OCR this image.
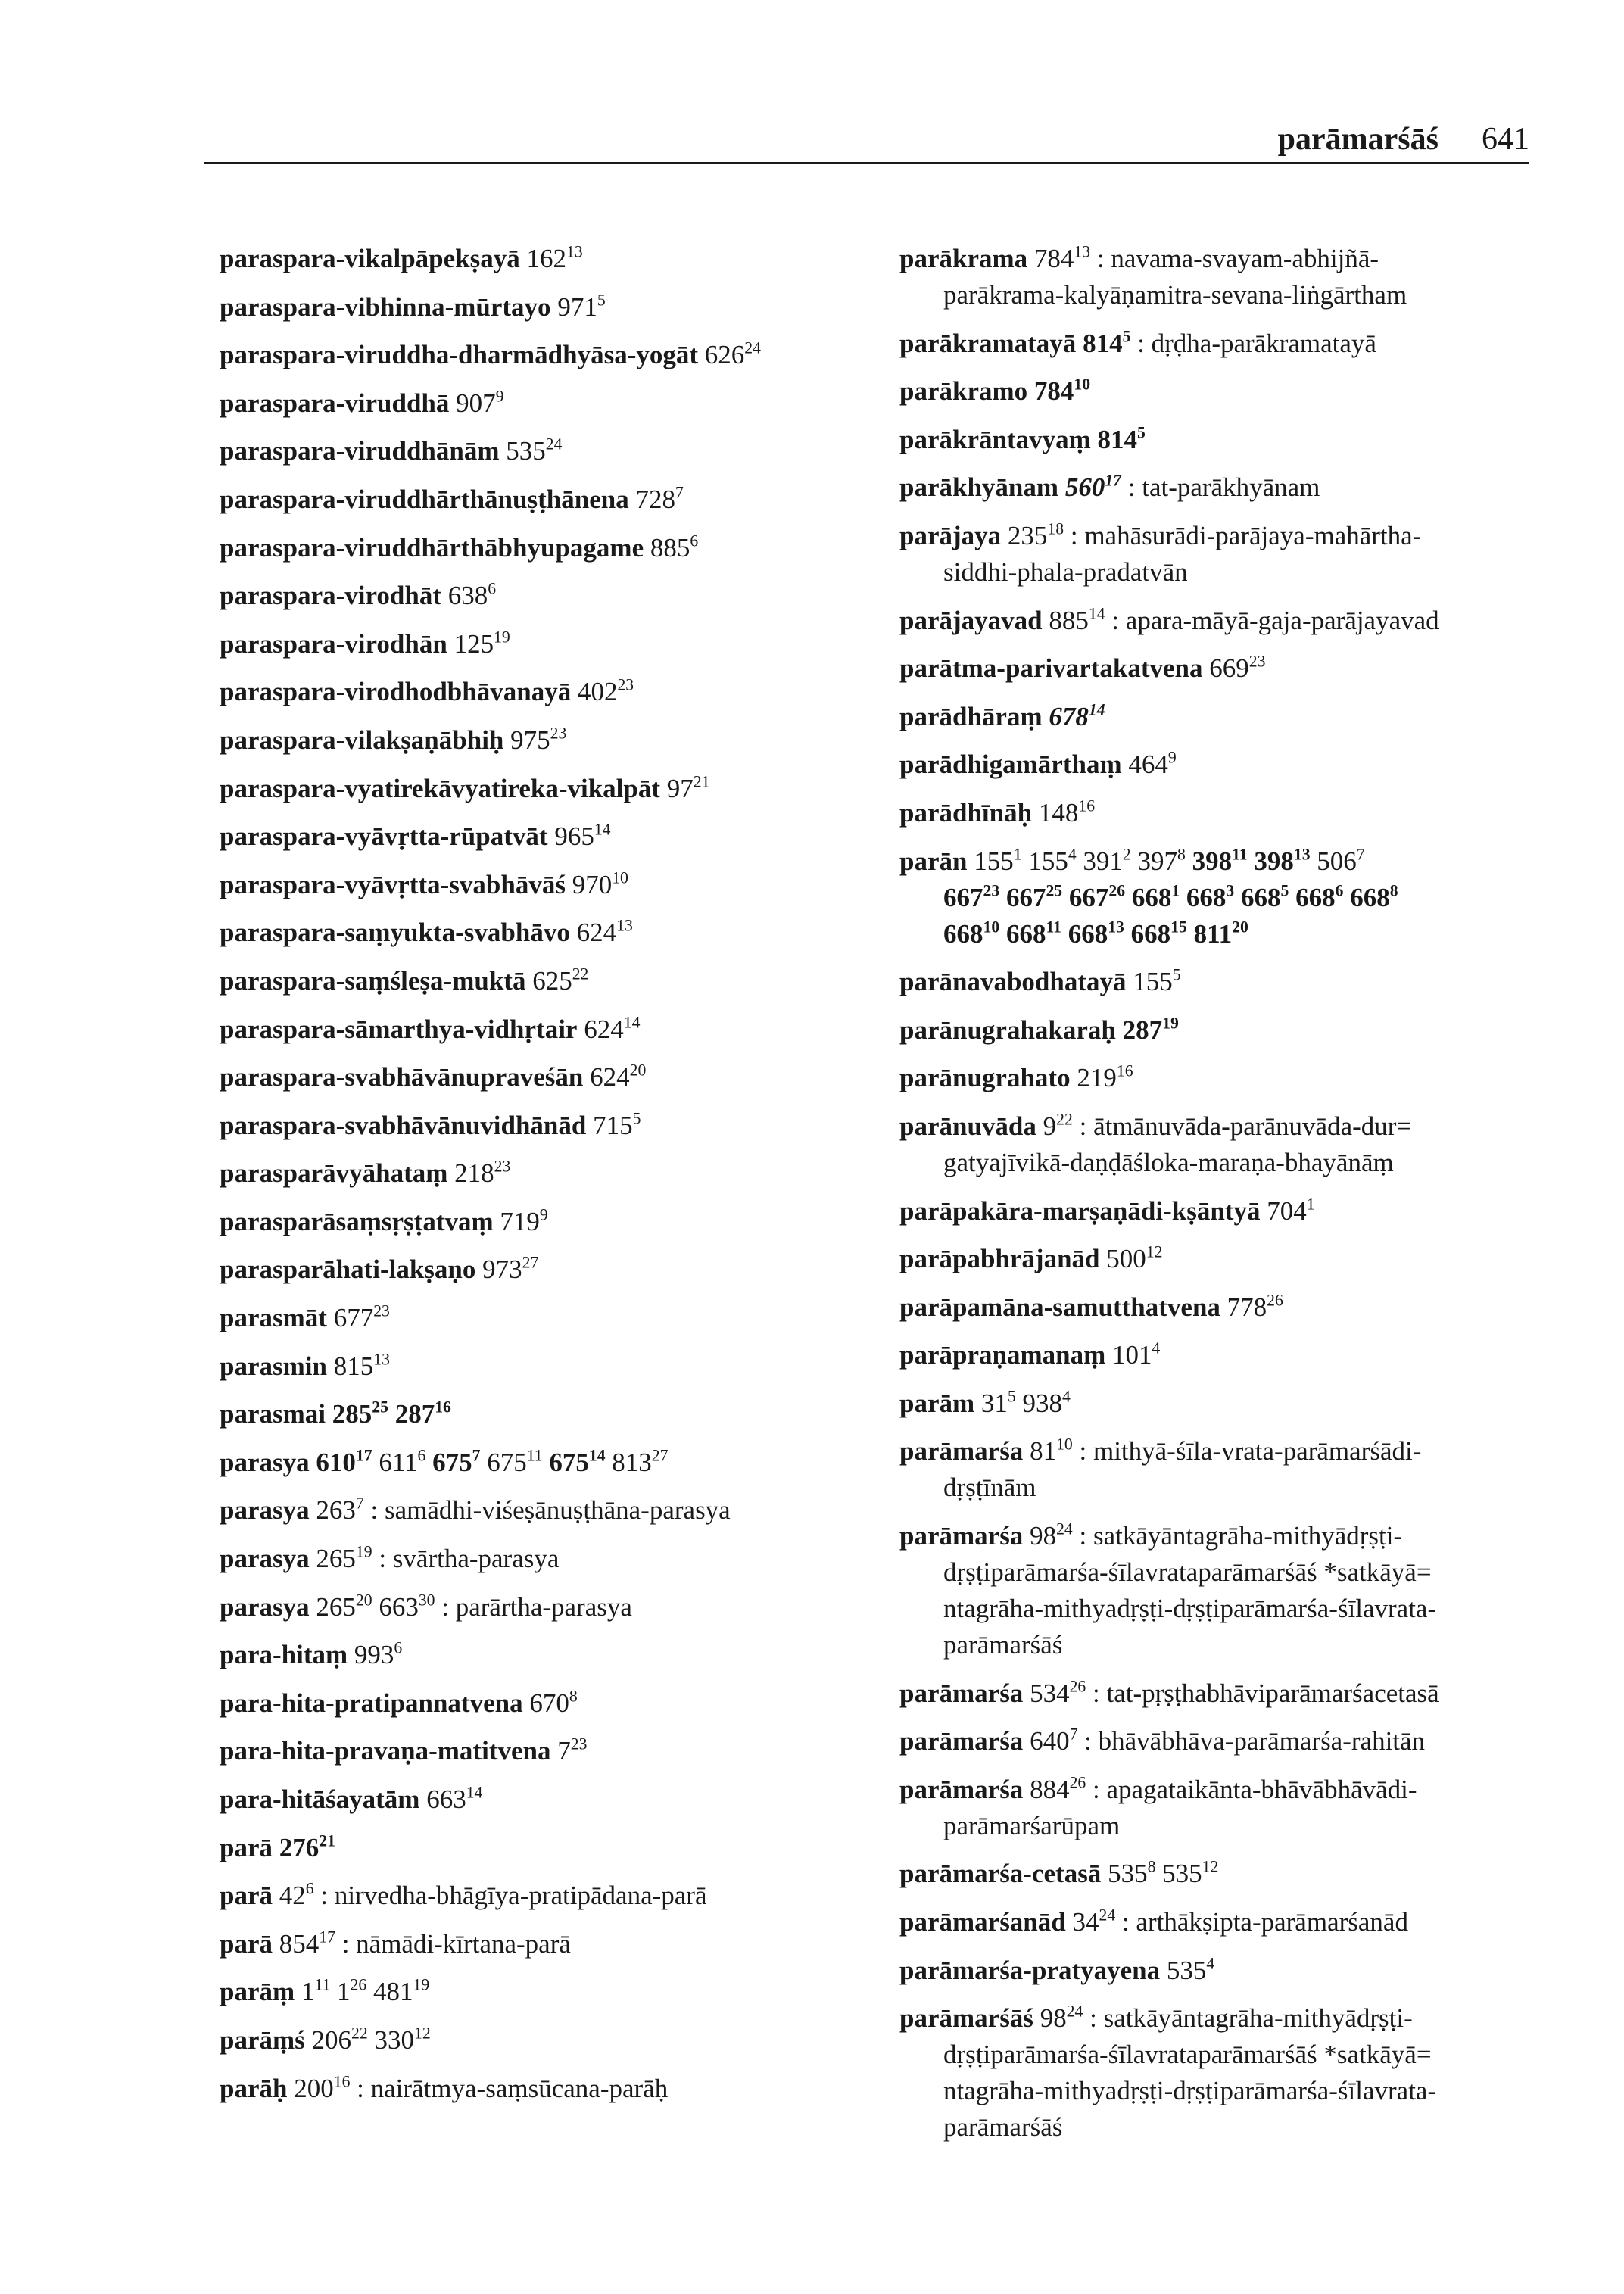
parāmarśāś 641
paraspara-vikalpāpekṣayā $162^{13}$
paraspara-vibhinna-mūrtayo $971^5$
paraspara-viruddha-dharmādhyāsa-yogāt $626^{24}$
paraspara-viruddhā $907^9$
paraspara-viruddhānām $535^{24}$
paraspara-viruddhārthānuṣṭhānena $728^7$
paraspara-viruddhārthābhyupagame $885^6$
paraspara-virodhāt $638^6$
paraspara-virodhān $125^{19}$
paraspara-virodhodbhāvanayā $402^{23}$
paraspara-vilakṣaṇābhiḥ $975^{23}$
paraspara-vyatirekāvyatireka-vikalpāt $97^{21}$
paraspara-vyāvṛtta-rūpatvāt $965^{14}$
paraspara-vyāvṛtta-svabhāvāś $970^{10}$
paraspara-saṃyukta-svabhāvo $624^{13}$
paraspara-saṃśleṣa-muktā $625^{22}$
paraspara-sāmarthya-vidhṛtair $624^{14}$
paraspara-svabhāvānupraveśān $624^{20}$
paraspara-svabhāvānuvidhānād $715^5$
parasparāvyāhataṃ $218^{23}$
parasparāsaṃsṛṣṭatvaṃ $719^9$
parasparāhati-lakṣaṇo $973^{27}$
parasmāt $677^{23}$
parasmin $815^{13}$
parasmai $285^{25}$ $287^{16}$
parasya $610^{17}$ $611^6$ $675^7$ $675^{11}$ $675^{14}$ $813^{27}$
parasya $263^7$ : samādhi-viśeṣānuṣṭhāna-parasya
parasya $265^{19}$ : svārtha-parasya
parasya $265^{20}$ $663^{30}$ : parārtha-parasya
para-hitaṃ $993^6$
para-hita-pratipannatvena $670^8$
para-hita-pravaṇa-matitvena $7^{23}$
para-hitāśayatām $663^{14}$
parā $276^{21}$
parā $42^6$ : nirvedha-bhāgīya-pratipādana-parā
parā $854^{17}$ : nāmādi-kīrtana-parā
parāṃ $1^{11}$ $1^{26}$ $481^{19}$
parāṃś $206^{22}$ $330^{12}$
parāḥ $200^{16}$ : nairātmya-saṃsūcana-parāḥ
parākrama $784^{13}$ : navama-svayam-abhijñā-
parākrama-kalyāṇamitra-sevana-liṅgārtham
parākramatayā $814^5$ : dṛḍha-parākramatayā
parākramo $784^{10}$
parākrāntavyaṃ $814^5$
parākhyānam $560^{17}$ : tat-parākhyānam
parājaya $235^{18}$ : mahāsurādi-parājaya-mahārtha-
siddhi-phala-pradatvān
parājayavad $885^{14}$ : apara-māyā-gaja-parājayavad
parātma-parivartakatvena $669^{23}$
parādhāraṃ $678^{14}$
parādhigamārthaṃ $464^9$
parādhīnāḥ $148^{16}$
parān $155^1$ $155^4$ $391^2$ $397^8$ $398^{11}$ $398^{13}$ $506^7$
$667^{23}$ $667^{25}$ $667^{26}$ $668^1$ $668^3$ $668^5$ $668^6$ $668^8$
$668^{10}$ $668^{11}$ $668^{13}$ $668^{15}$ $811^{20}$
parānavabodhatayā $155^5$
parānugrahakaraḥ $287^{19}$
parānugrahato $219^{16}$
parānuvāda $9^{22}$ : ātmānuvāda-parānuvāda-dur=
gatyajīvikā-daṇḍāśloka-maraṇa-bhayānāṃ
parāpakāra-marṣaṇādi-kṣāntyā $704^1$
parāpabhrājanād $500^{12}$
parāpamāna-samutthatvena $778^{26}$
parāpraṇamanaṃ $101^4$
parām $31^5$ $938^4$
parāmarśa $81^{10}$ : mithyā-śīla-vrata-parāmarśādi-
dṛṣṭīnām
parāmarśa $98^{24}$ : satkāyāntagrāha-mithyādṛṣṭi-
dṛṣṭiparāmarśa-śīlavrataparāmarśāś *satkāyā=
ntagrāha-mithyadṛṣṭi-dṛṣṭiparāmarśa-śīlavrata-
parāmarśāś
parāmarśa $534^{26}$ : tat-pṛṣṭhabhāviparāmarśacetasā
parāmarśa $640^7$ : bhāvābhāva-parāmarśa-rahitān
parāmarśa $884^{26}$ : apagataikānta-bhāvābhāvādi-
parāmarśarūpam
parāmarśa-cetasā $535^8$ $535^{12}$
parāmarśanād $34^{24}$ : arthākṣipta-parāmarśanād
parāmarśa-pratyayena $535^4$
parāmarśāś $98^{24}$ : satkāyāntagrāha-mithyādṛṣṭi-
dṛṣṭiparāmarśa-śīlavrataparāmarśāś *satkāyā=
ntagrāha-mithyadṛṣṭi-dṛṣṭiparāmarśa-śīlavrata-
parāmarśāś
